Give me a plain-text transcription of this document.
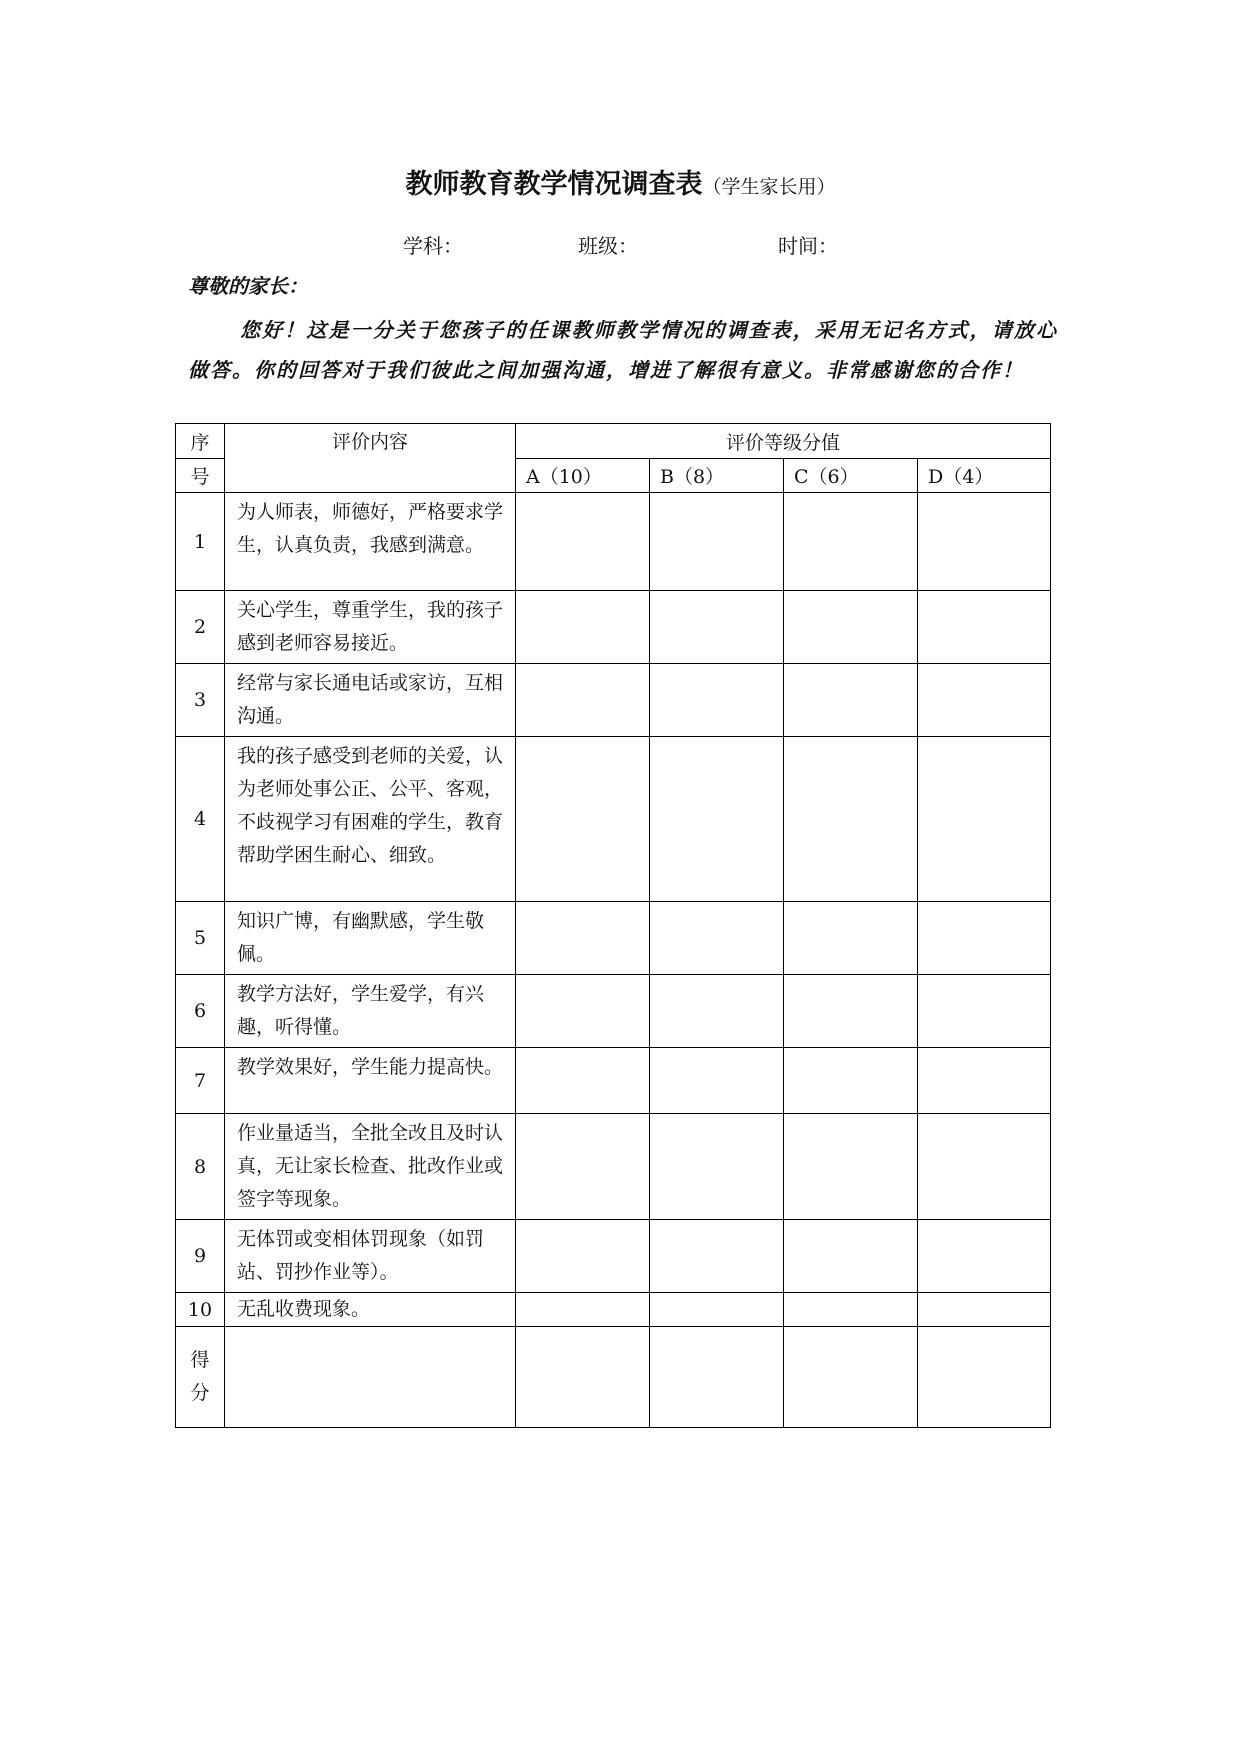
教师教育教学情况调查表（学生家长用）
学科：	班级：	时间：
尊敬的家长：
您好！这是一分关于您孩子的任课教师教学情况的调查表，采用无记名方式，请放心做答。你的回答对于我们彼此之间加强沟通，增进了解很有意义。非常感谢您的合作！
序	评价内容	评价等级分值			
号		A（10）	B（8）	C（6）	D（4）
1	为人师表，师德好，严格要求学生，认真负责，我感到满意。				
2	关心学生，尊重学生，我的孩子感到老师容易接近。				
3	经常与家长通电话或家访，互相沟通。				
4	我的孩子感受到老师的关爱，认为老师处事公正、公平、客观，不歧视学习有困难的学生，教育帮助学困生耐心、细致。				
5	知识广博，有幽默感，学生敬佩。				
6	教学方法好，学生爱学，有兴趣，听得懂。				
7	教学效果好，学生能力提高快。				
8	作业量适当，全批全改且及时认真，无让家长检查、批改作业或签字等现象。				
9	无体罚或变相体罚现象（如罚站、罚抄作业等）。				
10	无乱收费现象。				
得
分					
